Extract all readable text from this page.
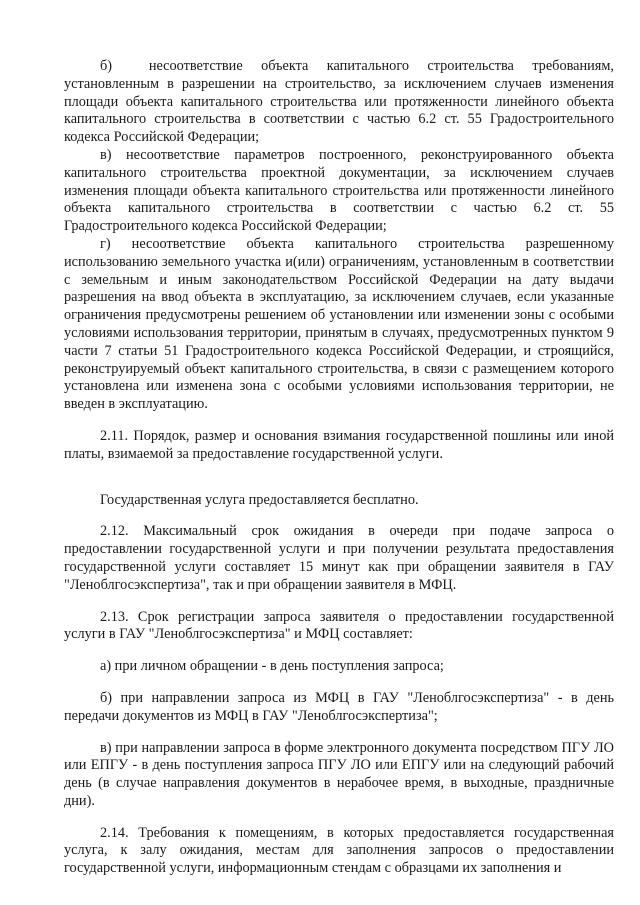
б)  несоответствие объекта капитального строительства требованиям, установленным в разрешении на строительство, за исключением случаев изменения площади объекта капитального строительства или протяженности линейного объекта капитального строительства в соответствии с частью 6.2 ст. 55 Градостроительного кодекса Российской Федерации;

в) несоответствие параметров построенного, реконструированного объекта капитального строительства проектной документации, за исключением случаев изменения площади объекта капитального строительства или протяженности линейного объекта капитального строительства в соответствии с частью 6.2 ст. 55 Градостроительного кодекса Российской Федерации;

г) несоответствие объекта капитального строительства разрешенному использованию земельного участка и(или) ограничениям, установленным в соответствии с земельным и иным законодательством Российской Федерации на дату выдачи разрешения на ввод объекта в эксплуатацию, за исключением случаев, если указанные ограничения предусмотрены решением об установлении или изменении зоны с особыми условиями использования территории, принятым в случаях, предусмотренных пунктом 9 части 7 статьи 51 Градостроительного кодекса Российской Федерации, и строящийся, реконструируемый объект капитального строительства, в связи с размещением которого установлена или изменена зона с особыми условиями использования территории, не введен в эксплуатацию.

2.11. Порядок, размер и основания взимания государственной пошлины или иной платы, взимаемой за предоставление государственной услуги.

Государственная услуга предоставляется бесплатно.

2.12. Максимальный срок ожидания в очереди при подаче запроса о предоставлении государственной услуги и при получении результата предоставления государственной услуги составляет 15 минут как при обращении заявителя в ГАУ "Леноблгосэкспертиза", так и при обращении заявителя в МФЦ.

2.13. Срок регистрации запроса заявителя о предоставлении государственной услуги в ГАУ "Леноблгосэкспертиза" и МФЦ составляет:

а) при личном обращении - в день поступления запроса;

б) при направлении запроса из МФЦ в ГАУ "Леноблгосэкспертиза" - в день передачи документов из МФЦ в ГАУ "Леноблгосэкспертиза";

в) при направлении запроса в форме электронного документа посредством ПГУ ЛО или ЕПГУ - в день поступления запроса ПГУ ЛО или ЕПГУ или на следующий рабочий день (в случае направления документов в нерабочее время, в выходные, праздничные дни).

2.14. Требования к помещениям, в которых предоставляется государственная услуга, к залу ожидания, местам для заполнения запросов о предоставлении государственной услуги, информационным стендам с образцами их заполнения и
